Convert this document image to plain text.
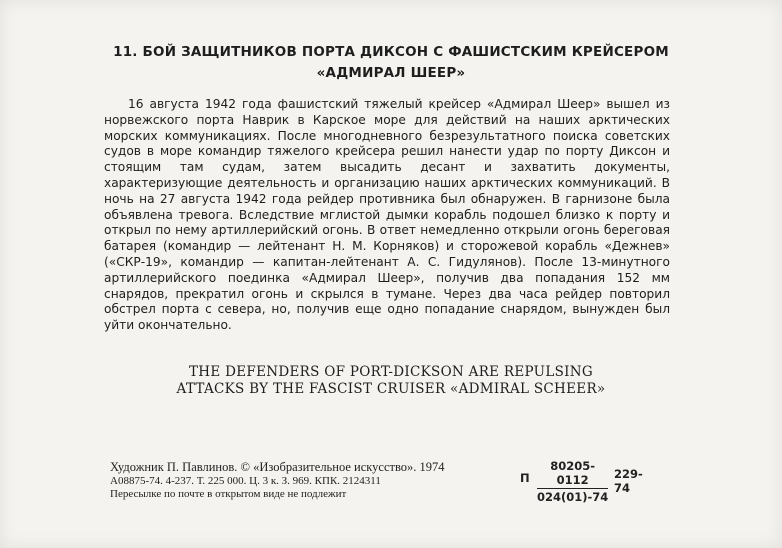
11. БОЙ ЗАЩИТНИКОВ ПОРТА ДИКСОН С ФАШИСТСКИМ КРЕЙСЕРОМ
«АДМИРАЛ ШЕЕР»

16 августа 1942 года фашистский тяжелый крейсер «Адмирал Шеер» вышел из норвежского порта Наврик в Карское море для действий на наших арктических морских коммуникациях. После многодневного безрезультатного поиска советских судов в море командир тяжелого крейсера решил нанести удар по порту Диксон и стоящим там судам, затем высадить десант и захватить документы, характеризующие деятельность и организацию наших арктических коммуникаций. В ночь на 27 августа 1942 года рейдер противника был обнаружен. В гарнизоне была объявлена тревога. Вследствие мглистой дымки корабль подошел близко к порту и открыл по нему артиллерийский огонь. В ответ немедленно открыли огонь береговая батарея (командир — лейтенант Н. М. Корняков) и сторожевой корабль «Дежнев» («СКР-19», командир — капитан-лейтенант А. С. Гидулянов). После 13-минутного артиллерийского поединка «Адмирал Шеер», получив два попадания 152 мм снарядов, прекратил огонь и скрылся в тумане. Через два часа рейдер повторил обстрел порта с севера, но, получив еще одно попадание снарядом, вынужден был уйти окончательно.

THE DEFENDERS OF PORT-DICKSON ARE REPULSING
ATTACKS BY THE FASCIST CRUISER «ADMIRAL SCHEER»
Художник П. Павлинов. © «Изобразительное искусство». 1974
А08875-74. 4-237. Т. 225 000. Ц. 3 к. З. 969. КПК. 2124311
Пересылке по почте в открытом виде не подлежит
П
80205-0112
024(01)-74
229-74
